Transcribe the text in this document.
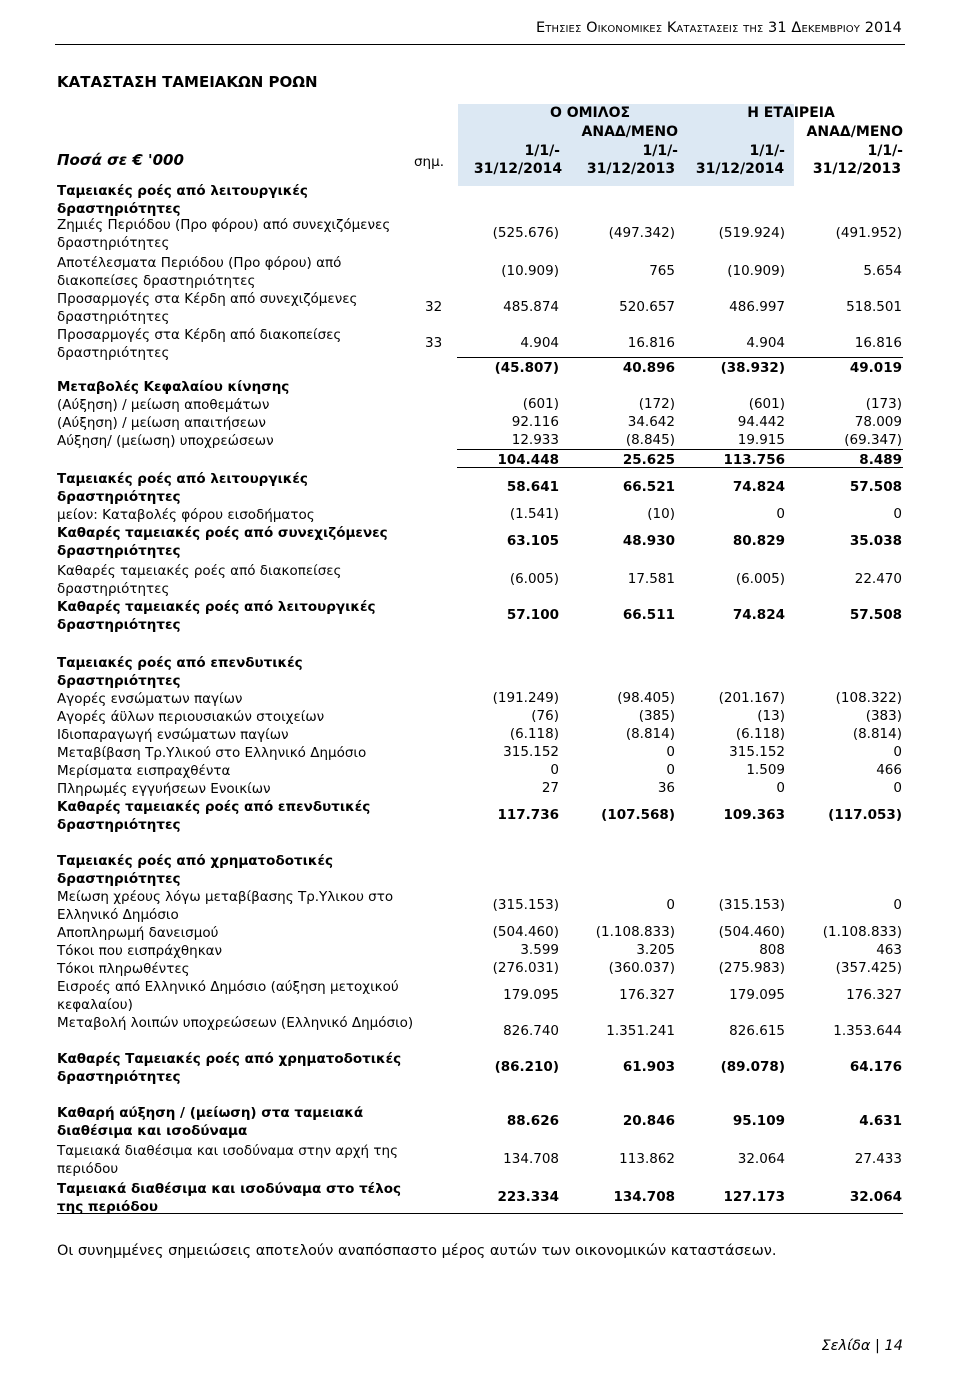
Ετησιεσ Οικονομικεσ Καταστασεισ τησ 31 Δεκεμβριου 2014
ΚΑΤΑΣΤΑΣΗ ΤΑΜΕΙΑΚΩΝ ΡΟΩΝ
Ο ΟΜΙΛΟΣ	Η ΕΤΑΙΡΕΙΑ
ΑΝΑΔ/ΜΕΝΟ	ΑΝΑΔ/ΜΕΝΟ
Ποσά σε € '000	σημ.
1/1/-	1/1/-	1/1/-	1/1/-
31/12/2014	31/12/2013	31/12/2014	31/12/2013
Ταμειακές ροές από λειτουργικές δραστηριότητες
Ζημιές Περιόδου (Προ φόρου) από συνεχιζόμενες δραστηριότητες
(525.676)	(497.342)	(519.924)	(491.952)
Αποτέλεσματα Περιόδου (Προ φόρου) από διακοπείσες δραστηριότητες
(10.909)	765	(10.909)	5.654
Προσαρμογές στα Κέρδη από συνεχιζόμενες δραστηριότητες
32	485.874	520.657	486.997	518.501
Προσαρμογές στα Κέρδη από διακοπείσες δραστηριότητες
33	4.904	16.816	4.904	16.816
(45.807)	40.896	(38.932)	49.019
Μεταβολές Κεφαλαίου κίνησης
(Αύξηση) / μείωση αποθεμάτων	(601)	(172)	(601)	(173)
(Αύξηση) / μείωση απαιτήσεων	92.116	34.642	94.442	78.009
Αύξηση/ (μείωση) υποχρεώσεων	12.933	(8.845)	19.915	(69.347)
104.448	25.625	113.756	8.489
Ταμειακές ροές από λειτουργικές δραστηριότητες
58.641	66.521	74.824	57.508
μείον: Καταβολές φόρου εισοδήματος	(1.541)	(10)	0	0
Καθαρές ταμειακές ροές από συνεχιζόμενες δραστηριότητες
63.105	48.930	80.829	35.038
Καθαρές ταμειακές ροές από διακοπείσες δραστηριότητες
(6.005)	17.581	(6.005)	22.470
Καθαρές ταμειακές ροές από λειτουργικές δραστηριότητες
57.100	66.511	74.824	57.508
Ταμειακές ροές από επενδυτικές δραστηριότητες
Αγορές ενσώματων παγίων	(191.249)	(98.405)	(201.167)	(108.322)
Αγορές άϋλων περιουσιακών στοιχείων	(76)	(385)	(13)	(383)
Ιδιοπαραγωγή ενσώματων παγίων	(6.118)	(8.814)	(6.118)	(8.814)
Μεταβίβαση Τρ.Υλικού στο Ελληνικό Δημόσιο	315.152	0	315.152	0
Μερίσματα εισπραχθέντα	0	0	1.509	466
Πληρωμές εγγυήσεων Ενοικίων	27	36	0	0
Καθαρές ταμειακές ροές από επενδυτικές δραστηριότητες
117.736	(107.568)	109.363	(117.053)
Ταμειακές ροές από χρηματοδοτικές δραστηριότητες
Μείωση χρέους λόγω μεταβίβασης Τρ.Υλικου στο Ελληνικό Δημόσιο
(315.153)	0	(315.153)	0
Αποπληρωμή δανεισμού	(504.460)	(1.108.833)	(504.460)	(1.108.833)
Τόκοι που εισπράχθηκαν	3.599	3.205	808	463
Τόκοι πληρωθέντες	(276.031)	(360.037)	(275.983)	(357.425)
Εισροές από Ελληνικό Δημόσιο (αύξηση μετοχικού κεφαλαίου)
179.095	176.327	179.095	176.327
Μεταβολή λοιπών υποχρεώσεων (Ελληνικό Δημόσιο)	826.740	1.351.241	826.615	1.353.644
Καθαρές Ταμειακές ροές από χρηματοδοτικές δραστηριότητες
(86.210)	61.903	(89.078)	64.176
Καθαρή αύξηση / (μείωση) στα ταμειακά διαθέσιμα και ισοδύναμα
88.626	20.846	95.109	4.631
Ταμειακά διαθέσιμα και ισοδύναμα στην αρχή της περιόδου
134.708	113.862	32.064	27.433
Ταμειακά διαθέσιμα και ισοδύναμα στο τέλος της περιόδου
223.334	134.708	127.173	32.064
Οι συνημμένες σημειώσεις αποτελούν αναπόσπαστο μέρος αυτών των οικονομικών καταστάσεων.
Σελίδα | 14
